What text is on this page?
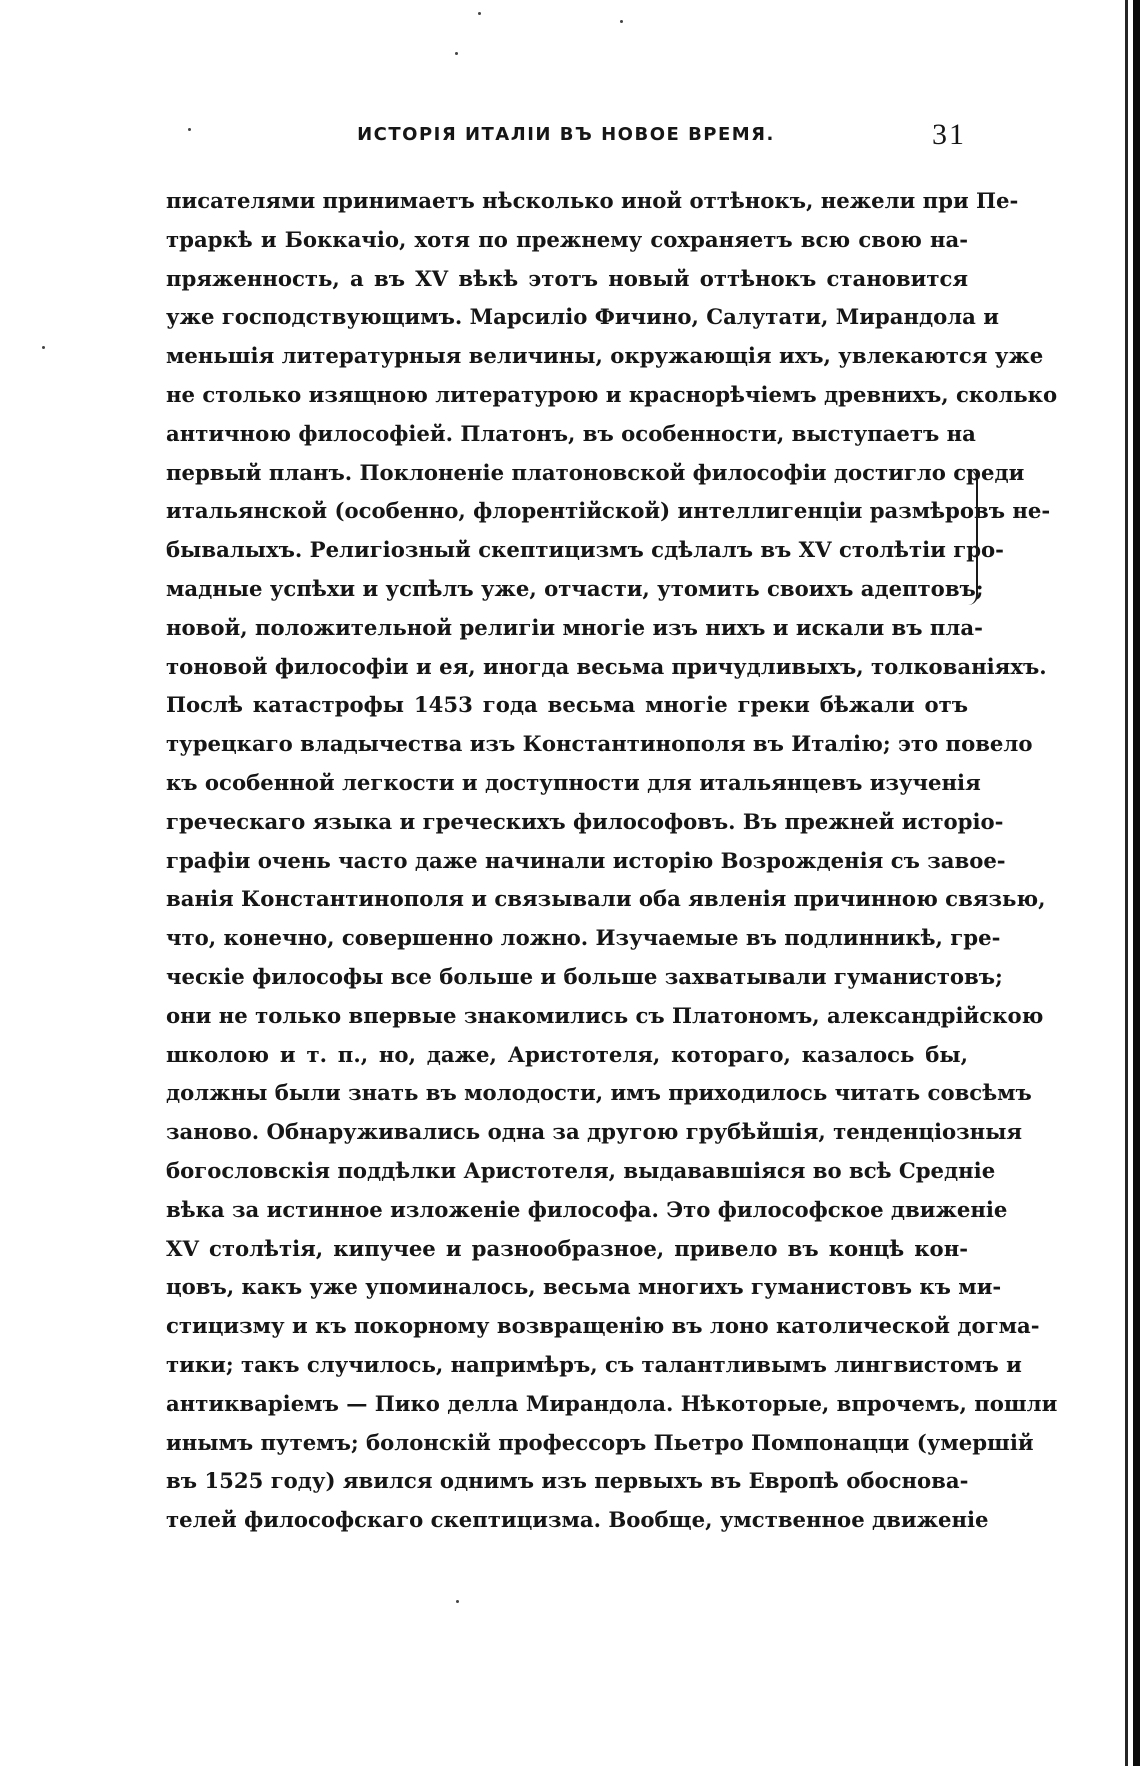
ИСТОРІЯ ИТАЛІИ ВЪ НОВОЕ ВРЕМЯ.	31
писателями принимаетъ нѣсколько иной оттѣнокъ, нежели при Пе-
траркѣ и Боккачіо, хотя по прежнему сохраняетъ всю свою на-
пряженность, а въ XV вѣкѣ этотъ новый оттѣнокъ становится
уже господствующимъ. Марсиліо Фичино, Салутати, Мирандола и
меньшія литературныя величины, окружающія ихъ, увлекаются уже
не столько изящною литературою и краснорѣчіемъ древнихъ, сколько
античною философіей. Платонъ, въ особенности, выступаетъ на
первый планъ. Поклоненіе платоновской философіи достигло среди
итальянской (особенно, флорентійской) интеллигенціи размѣровъ не-
бывалыхъ. Религіозный скептицизмъ сдѣлалъ въ XV столѣтіи гро-
мадные успѣхи и успѣлъ уже, отчасти, утомить своихъ адептовъ;
новой, положительной религіи многіе изъ нихъ и искали въ пла-
тоновой философіи и ея, иногда весьма причудливыхъ, толкованіяхъ.
Послѣ катастрофы 1453 года весьма многіе греки бѣжали отъ
турецкаго владычества изъ Константинополя въ Италію; это повело
къ особенной легкости и доступности для итальянцевъ изученія
греческаго языка и греческихъ философовъ. Въ прежней исторіо-
графіи очень часто даже начинали исторію Возрожденія съ завое-
ванія Константинополя и связывали оба явленія причинною связью,
что, конечно, совершенно ложно. Изучаемые въ подлинникѣ, гре-
ческіе философы все больше и больше захватывали гуманистовъ;
они не только впервые знакомились съ Платономъ, александрійскою
школою и т. п., но, даже, Аристотеля, котораго, казалось бы,
должны были знать въ молодости, имъ приходилось читать совсѣмъ
заново. Обнаруживались одна за другою грубѣйшія, тенденціозныя
богословскія поддѣлки Аристотеля, выдававшіяся во всѣ Средніе
вѣка за истинное изложеніе философа. Это философское движеніе
XV столѣтія, кипучее и разнообразное, привело въ концѣ кон-
цовъ, какъ уже упоминалось, весьма многихъ гуманистовъ къ ми-
стицизму и къ покорному возвращенію въ лоно католической догма-
тики; такъ случилось, напримѣръ, съ талантливымъ лингвистомъ и
антикваріемъ — Пико делла Мирандола. Нѣкоторые, впрочемъ, пошли
инымъ путемъ; болонскій профессоръ Пьетро Помпонацци (умершій
въ 1525 году) явился однимъ изъ первыхъ въ Европѣ обоснова-
телей философскаго скептицизма. Вообще, умственное движеніе
